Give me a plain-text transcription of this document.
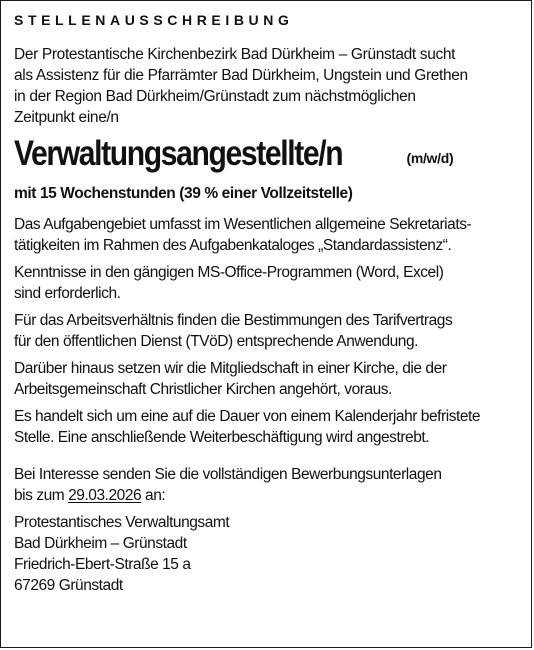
STELLENAUSSCHREIBUNG
Der Protestantische Kirchenbezirk Bad Dürkheim – Grünstadt sucht
als Assistenz für die Pfarrämter Bad Dürkheim, Ungstein und Grethen
in der Region Bad Dürkheim/Grünstadt zum nächstmöglichen
Zeitpunkt eine/n
Verwaltungsangestellte/n	(m/w/d)
mit 15 Wochenstunden (39 % einer Vollzeitstelle)
Das Aufgabengebiet umfasst im Wesentlichen allgemeine Sekretariats-
tätigkeiten im Rahmen des Aufgabenkataloges „Standardassistenz“.
Kenntnisse in den gängigen MS-Office-Programmen (Word, Excel)
sind erforderlich.
Für das Arbeitsverhältnis finden die Bestimmungen des Tarifvertrags
für den öffentlichen Dienst (TVöD) entsprechende Anwendung.
Darüber hinaus setzen wir die Mitgliedschaft in einer Kirche, die der
Arbeitsgemeinschaft Christlicher Kirchen angehört, voraus.
Es handelt sich um eine auf die Dauer von einem Kalenderjahr befristete
Stelle. Eine anschließende Weiterbeschäftigung wird angestrebt.
Bei Interesse senden Sie die vollständigen Bewerbungsunterlagen
bis zum 29.03.2026 an:
Protestantisches Verwaltungsamt
Bad Dürkheim – Grünstadt
Friedrich-Ebert-Straße 15 a
67269 Grünstadt
